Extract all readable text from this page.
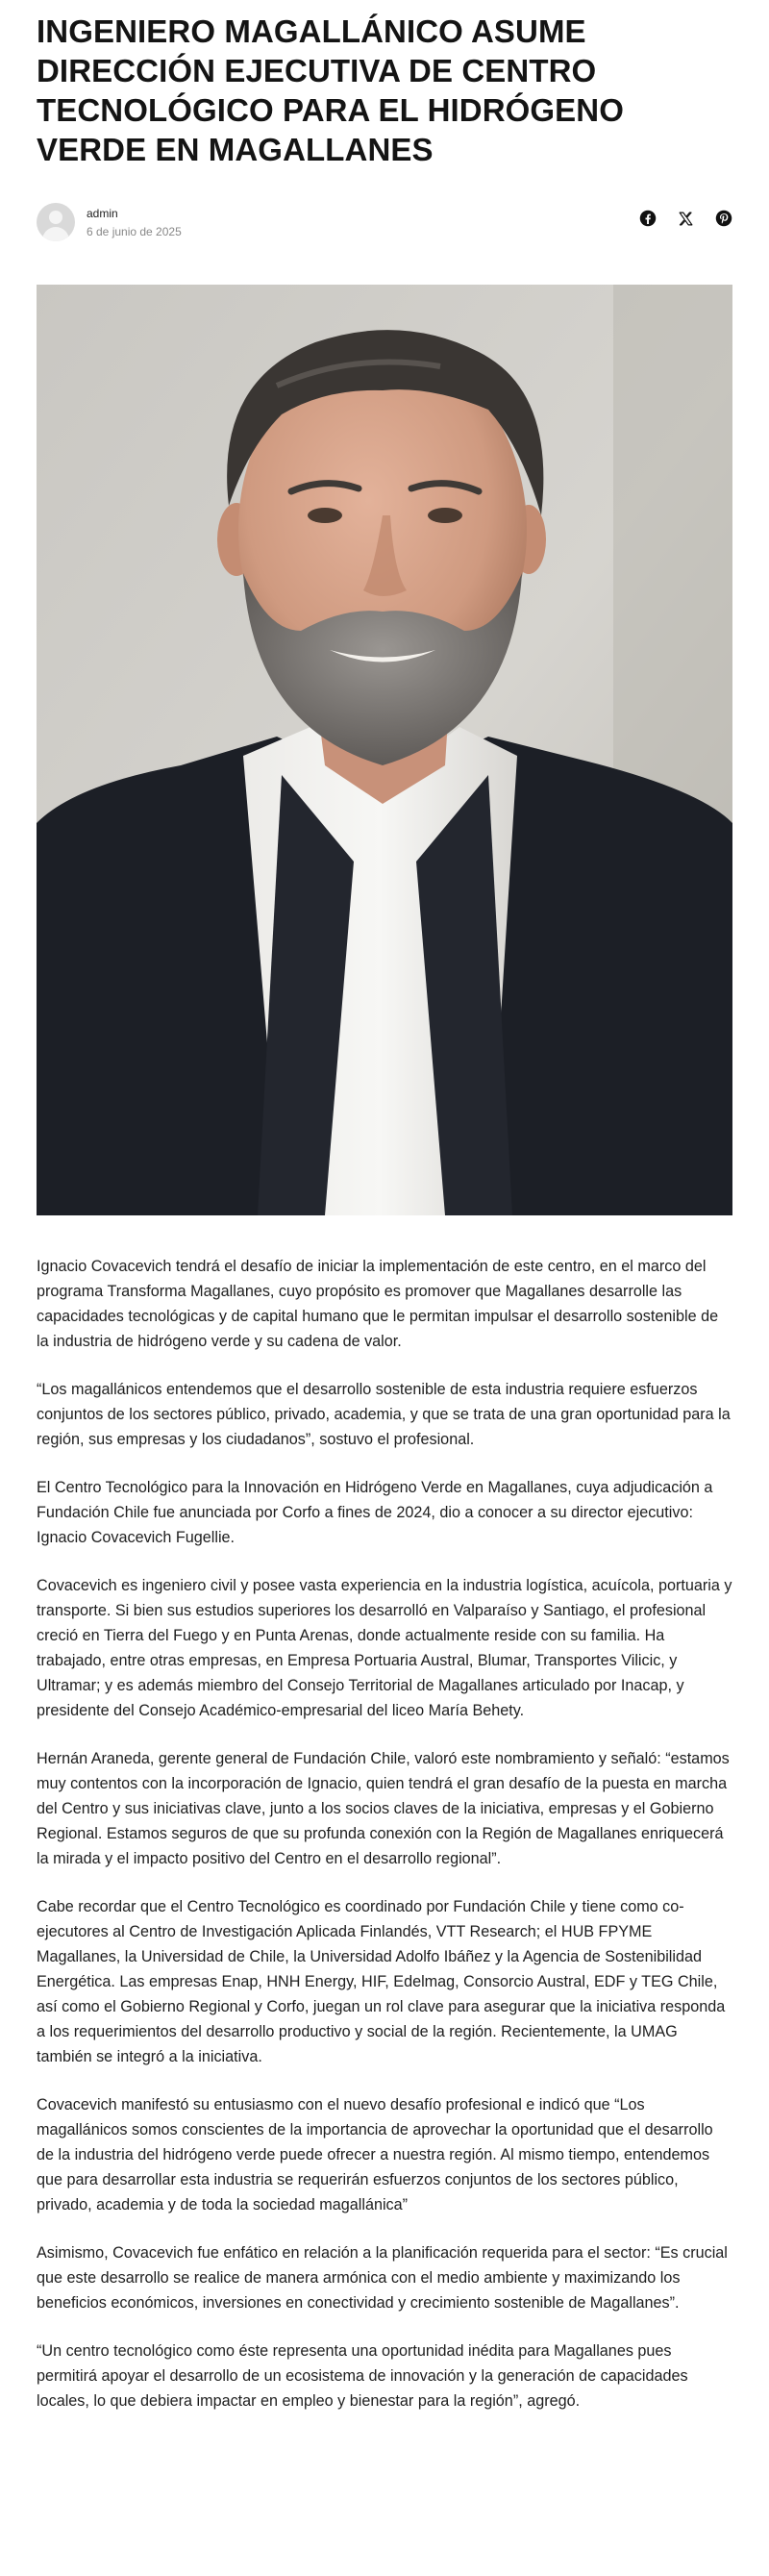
INGENIERO MAGALLÁNICO ASUME DIRECCIÓN EJECUTIVA DE CENTRO TECNOLÓGICO PARA EL HIDRÓGENO VERDE EN MAGALLANES
admin
6 de junio de 2025

Ignacio Covacevich tendrá el desafío de iniciar la implementación de este centro, en el marco del programa Transforma Magallanes, cuyo propósito es promover que Magallanes desarrolle las capacidades tecnológicas y de capital humano que le permitan impulsar el desarrollo sostenible de la industria de hidrógeno verde y su cadena de valor.

“Los magallánicos entendemos que el desarrollo sostenible de esta industria requiere esfuerzos conjuntos de los sectores público, privado, academia, y que se trata de una gran oportunidad para la región, sus empresas y los ciudadanos”, sostuvo el profesional.

El Centro Tecnológico para la Innovación en Hidrógeno Verde en Magallanes, cuya adjudicación a Fundación Chile fue anunciada por Corfo a fines de 2024, dio a conocer a su director ejecutivo: Ignacio Covacevich Fugellie.

Covacevich es ingeniero civil y posee vasta experiencia en la industria logística, acuícola, portuaria y transporte. Si bien sus estudios superiores los desarrolló en Valparaíso y Santiago, el profesional creció en Tierra del Fuego y en Punta Arenas, donde actualmente reside con su familia. Ha trabajado, entre otras empresas, en Empresa Portuaria Austral, Blumar, Transportes Vilicic, y Ultramar; y es además miembro del Consejo Territorial de Magallanes articulado por Inacap, y presidente del Consejo Académico-empresarial del liceo María Behety.

Hernán Araneda, gerente general de Fundación Chile, valoró este nombramiento y señaló: “estamos muy contentos con la incorporación de Ignacio, quien tendrá el gran desafío de la puesta en marcha del Centro y sus iniciativas clave, junto a los socios claves de la iniciativa, empresas y el Gobierno Regional. Estamos seguros de que su profunda conexión con la Región de Magallanes enriquecerá la mirada y el impacto positivo del Centro en el desarrollo regional”.

Cabe recordar que el Centro Tecnológico es coordinado por Fundación Chile y tiene como co-ejecutores al Centro de Investigación Aplicada Finlandés, VTT Research; el HUB FPYME Magallanes, la Universidad de Chile, la Universidad Adolfo Ibáñez y la Agencia de Sostenibilidad Energética. Las empresas Enap, HNH Energy, HIF, Edelmag, Consorcio Austral, EDF y TEG Chile, así como el Gobierno Regional y Corfo, juegan un rol clave para asegurar que la iniciativa responda a los requerimientos del desarrollo productivo y social de la región. Recientemente, la UMAG también se integró a la iniciativa.

Covacevich manifestó su entusiasmo con el nuevo desafío profesional e indicó que “Los magallánicos somos conscientes de la importancia de aprovechar la oportunidad que el desarrollo de la industria del hidrógeno verde puede ofrecer a nuestra región. Al mismo tiempo, entendemos que para desarrollar esta industria se requerirán esfuerzos conjuntos de los sectores público, privado, academia y de toda la sociedad magallánica”

Asimismo, Covacevich fue enfático en relación a la planificación requerida para el sector: “Es crucial que este desarrollo se realice de manera armónica con el medio ambiente y maximizando los beneficios económicos, inversiones en conectividad y crecimiento sostenible de Magallanes”.

“Un centro tecnológico como éste representa una oportunidad inédita para Magallanes pues permitirá apoyar el desarrollo de un ecosistema de innovación y la generación de capacidades locales, lo que debiera impactar en empleo y bienestar para la región”, agregó.
